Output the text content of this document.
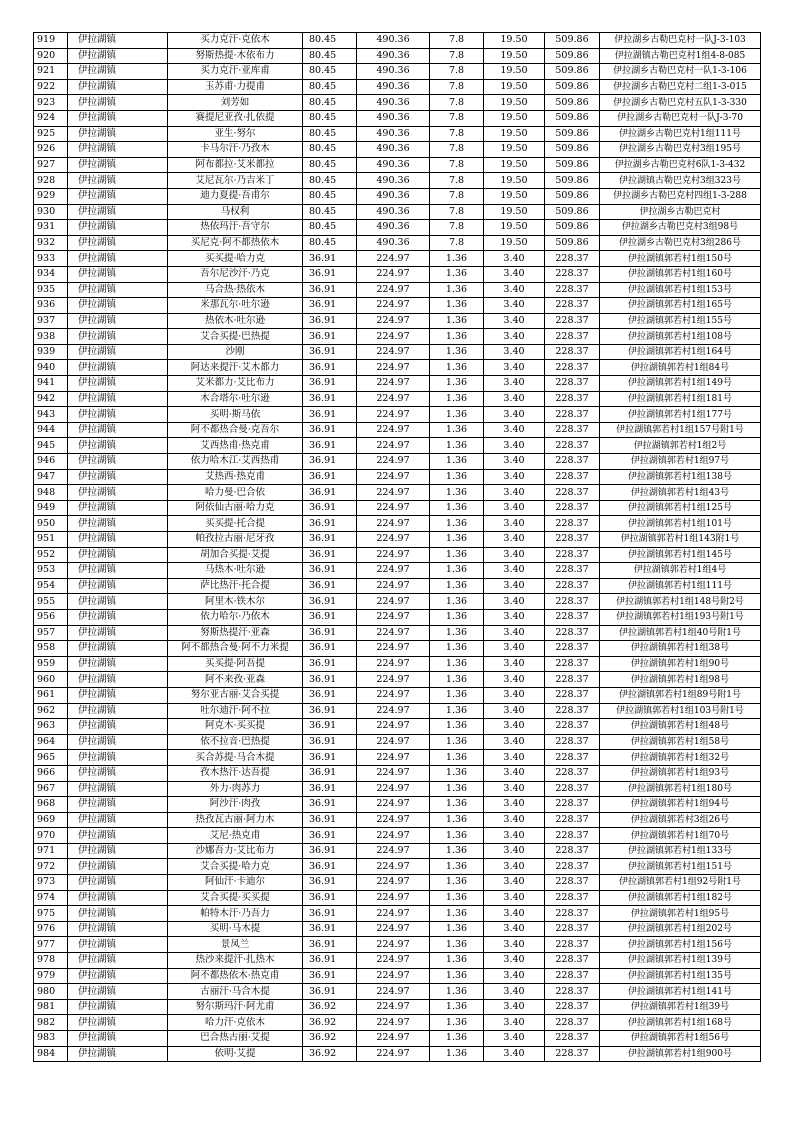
919	伊拉湖镇	买力克汗·克依木	80.45	490.36	7.8	19.50	509.86	伊拉湖乡古勒巴克村一队J-3-103
920	伊拉湖镇	努斯热提·木依布力	80.45	490.36	7.8	19.50	509.86	伊拉湖镇古勒巴克村1组4-8-085
921	伊拉湖镇	买力克汗·亚库甫	80.45	490.36	7.8	19.50	509.86	伊拉湖乡古勒巴克村一队1-3-106
922	伊拉湖镇	玉苏甫·力提甫	80.45	490.36	7.8	19.50	509.86	伊拉湖乡古勒巴克村二组1-3-015
923	伊拉湖镇	刘芳如	80.45	490.36	7.8	19.50	509.86	伊拉湖乡古勒巴克村五队1-3-330
924	伊拉湖镇	赛提尼亚孜·扎依提	80.45	490.36	7.8	19.50	509.86	伊拉湖乡古勒巴克村一队J-3-70
925	伊拉湖镇	亚生·努尔	80.45	490.36	7.8	19.50	509.86	伊拉湖乡古勒巴克村1组111号
926	伊拉湖镇	卡马尔汗·乃孜木	80.45	490.36	7.8	19.50	509.86	伊拉湖乡古勒巴克村3组195号
927	伊拉湖镇	阿布都拉·艾米都拉	80.45	490.36	7.8	19.50	509.86	伊拉湖乡古勒巴克村6队1-3-432
928	伊拉湖镇	艾尼瓦尔·乃吉米丁	80.45	490.36	7.8	19.50	509.86	伊拉湖镇古勒巴克村3组323号
929	伊拉湖镇	迪力夏提·吾甫尔	80.45	490.36	7.8	19.50	509.86	伊拉湖乡古勒巴克村四组1-3-288
930	伊拉湖镇	马权利	80.45	490.36	7.8	19.50	509.86	伊拉湖乡古勒巴克村
931	伊拉湖镇	热依玛汗·吾守尔	80.45	490.36	7.8	19.50	509.86	伊拉湖乡古勒巴克村3组98号
932	伊拉湖镇	买尼克·阿不都热依木	80.45	490.36	7.8	19.50	509.86	伊拉湖乡古勒巴克村3组286号
933	伊拉湖镇	买买提·哈力克	36.91	224.97	1.36	3.40	228.37	伊拉湖镇郭若村1组150号
934	伊拉湖镇	吾尔尼沙汗·乃克	36.91	224.97	1.36	3.40	228.37	伊拉湖镇郭若村1组160号
935	伊拉湖镇	马合热·热依木	36.91	224.97	1.36	3.40	228.37	伊拉湖镇郭若村1组153号
936	伊拉湖镇	米那瓦尔·吐尔逊	36.91	224.97	1.36	3.40	228.37	伊拉湖镇郭若村1组165号
937	伊拉湖镇	热依木·吐尔逊	36.91	224.97	1.36	3.40	228.37	伊拉湖镇郭若村1组155号
938	伊拉湖镇	艾合买提·巴热提	36.91	224.97	1.36	3.40	228.37	伊拉湖镇郭若村1组108号
939	伊拉湖镇	沙刚	36.91	224.97	1.36	3.40	228.37	伊拉湖镇郭若村1组164号
940	伊拉湖镇	阿达来提汗·艾木都力	36.91	224.97	1.36	3.40	228.37	伊拉湖镇郭若村1组84号
941	伊拉湖镇	艾米都力·艾比布力	36.91	224.97	1.36	3.40	228.37	伊拉湖镇郭若村1组149号
942	伊拉湖镇	木合塔尔·吐尔逊	36.91	224.97	1.36	3.40	228.37	伊拉湖镇郭若村1组181号
943	伊拉湖镇	买明·斯马依	36.91	224.97	1.36	3.40	228.37	伊拉湖镇郭若村1组177号
944	伊拉湖镇	阿不都热合曼·克吾尔	36.91	224.97	1.36	3.40	228.37	伊拉湖镇郭若村1组157号附1号
945	伊拉湖镇	艾西热甫·热克甫	36.91	224.97	1.36	3.40	228.37	伊拉湖镇郭若村1组2号
946	伊拉湖镇	依力哈木江·艾西热甫	36.91	224.97	1.36	3.40	228.37	伊拉湖镇郭若村1组97号
947	伊拉湖镇	艾热西·热克甫	36.91	224.97	1.36	3.40	228.37	伊拉湖镇郭若村1组138号
948	伊拉湖镇	哈力曼·巴合依	36.91	224.97	1.36	3.40	228.37	伊拉湖镇郭若村1组43号
949	伊拉湖镇	阿依仙古丽·哈力克	36.91	224.97	1.36	3.40	228.37	伊拉湖镇郭若村1组125号
950	伊拉湖镇	买买提·托合提	36.91	224.97	1.36	3.40	228.37	伊拉湖镇郭若村1组101号
951	伊拉湖镇	帕孜拉古丽·尼牙孜	36.91	224.97	1.36	3.40	228.37	伊拉湖镇郭若村1组143附1号
952	伊拉湖镇	胡加合买提·艾提	36.91	224.97	1.36	3.40	228.37	伊拉湖镇郭若村1组145号
953	伊拉湖镇	马热木·吐尔逊	36.91	224.97	1.36	3.40	228.37	伊拉湖镇郭若村1组4号
954	伊拉湖镇	萨比热汗·托合提	36.91	224.97	1.36	3.40	228.37	伊拉湖镇郭若村1组111号
955	伊拉湖镇	阿里木·铁木尔	36.91	224.97	1.36	3.40	228.37	伊拉湖镇郭若村1组148号附2号
956	伊拉湖镇	依力哈尔·乃依木	36.91	224.97	1.36	3.40	228.37	伊拉湖镇郭若村1组193号附1号
957	伊拉湖镇	努斯热提汗·亚森	36.91	224.97	1.36	3.40	228.37	伊拉湖镇郭若村1组40号附1号
958	伊拉湖镇	阿不都热合曼·阿不力米提	36.91	224.97	1.36	3.40	228.37	伊拉湖镇郭若村1组38号
959	伊拉湖镇	买买提·阿吾提	36.91	224.97	1.36	3.40	228.37	伊拉湖镇郭若村1组90号
960	伊拉湖镇	阿不来孜·亚森	36.91	224.97	1.36	3.40	228.37	伊拉湖镇郭若村1组98号
961	伊拉湖镇	努尔亚古丽·艾合买提	36.91	224.97	1.36	3.40	228.37	伊拉湖镇郭若村1组89号附1号
962	伊拉湖镇	吐尔迪汗·阿不拉	36.91	224.97	1.36	3.40	228.37	伊拉湖镇郭若村1组103号附1号
963	伊拉湖镇	阿克木·买买提	36.91	224.97	1.36	3.40	228.37	伊拉湖镇郭若村1组48号
964	伊拉湖镇	依不拉音·巴热提	36.91	224.97	1.36	3.40	228.37	伊拉湖镇郭若村1组58号
965	伊拉湖镇	买合苏提·马合木提	36.91	224.97	1.36	3.40	228.37	伊拉湖镇郭若村1组32号
966	伊拉湖镇	孜木热汗·达吾提	36.91	224.97	1.36	3.40	228.37	伊拉湖镇郭若村1组93号
967	伊拉湖镇	外力·肉苏力	36.91	224.97	1.36	3.40	228.37	伊拉湖镇郭若村1组180号
968	伊拉湖镇	阿沙汗·肉孜	36.91	224.97	1.36	3.40	228.37	伊拉湖镇郭若村1组94号
969	伊拉湖镇	热孜瓦古丽·阿力木	36.91	224.97	1.36	3.40	228.37	伊拉湖镇郭若村3组26号
970	伊拉湖镇	艾尼·热克甫	36.91	224.97	1.36	3.40	228.37	伊拉湖镇郭若村1组70号
971	伊拉湖镇	沙娜吾力·艾比布力	36.91	224.97	1.36	3.40	228.37	伊拉湖镇郭若村1组133号
972	伊拉湖镇	艾合买提·哈力克	36.91	224.97	1.36	3.40	228.37	伊拉湖镇郭若村1组151号
973	伊拉湖镇	阿仙汗·卡迪尔	36.91	224.97	1.36	3.40	228.37	伊拉湖镇郭若村1组92号附1号
974	伊拉湖镇	艾合买提·买买提	36.91	224.97	1.36	3.40	228.37	伊拉湖镇郭若村1组182号
975	伊拉湖镇	帕特木汗·乃吾力	36.91	224.97	1.36	3.40	228.37	伊拉湖镇郭若村1组95号
976	伊拉湖镇	买明·马木提	36.91	224.97	1.36	3.40	228.37	伊拉湖镇郭若村1组202号
977	伊拉湖镇	景凤兰	36.91	224.97	1.36	3.40	228.37	伊拉湖镇郭若村1组156号
978	伊拉湖镇	热沙来提汗·扎热木	36.91	224.97	1.36	3.40	228.37	伊拉湖镇郭若村1组139号
979	伊拉湖镇	阿不都热依木·热克甫	36.91	224.97	1.36	3.40	228.37	伊拉湖镇郭若村1组135号
980	伊拉湖镇	古丽汗·马合木提	36.91	224.97	1.36	3.40	228.37	伊拉湖镇郭若村1组141号
981	伊拉湖镇	努尔斯玛汗·阿尤甫	36.92	224.97	1.36	3.40	228.37	伊拉湖镇郭若村1组39号
982	伊拉湖镇	哈力汗·克依木	36.92	224.97	1.36	3.40	228.37	伊拉湖镇郭若村1组168号
983	伊拉湖镇	巴合热古丽·艾提	36.92	224.97	1.36	3.40	228.37	伊拉湖镇郭若村1组56号
984	伊拉湖镇	依明·艾提	36.92	224.97	1.36	3.40	228.37	伊拉湖镇郭若村1组900号
